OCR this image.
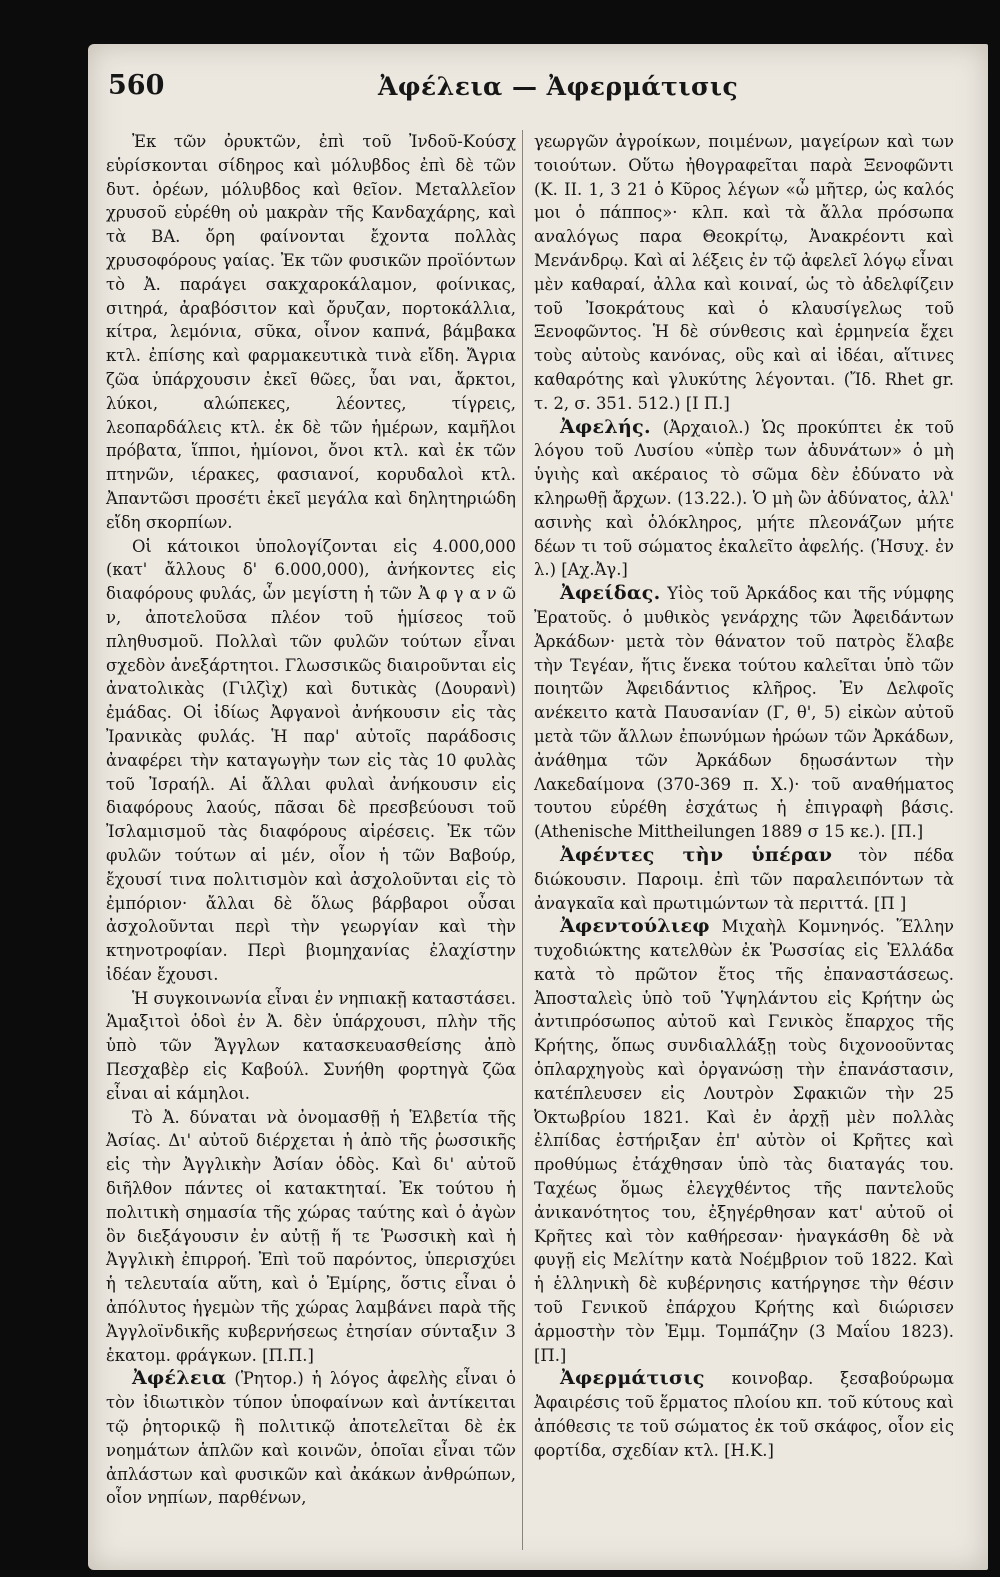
560	Ἀφέλεια — Ἀφερμάτισις

Ἐκ τῶν ὀρυκτῶν, ἐπὶ τοῦ Ἰνδοῦ-Κούσχ εὑρίσκονται σίδηρος καὶ μόλυβδος ἐπὶ δὲ τῶν δυτ. ὀρέων, μόλυβδος καὶ θεῖον. Μεταλλεῖον χρυσοῦ εὑρέθη οὐ μακρὰν τῆς Κανδαχάρης, καὶ τὰ ΒΑ. ὄρη φαίνονται ἔχοντα πολλὰς χρυσοφόρους γαίας. Ἐκ τῶν φυσικῶν προϊόντων τὸ Ἀ. παράγει σακχαροκάλαμον, φοίνικας, σιτηρά, ἀραβόσιτον καὶ ὄρυζαν, πορτοκάλλια, κίτρα, λεμόνια, σῦκα, οἶνον καπνά, βάμβακα κτλ. ἐπίσης καὶ φαρμακευτικὰ τινὰ εἴδη. Ἄγρια ζῶα ὑπάρχουσιν ἐκεῖ θῶες, ὗαι ναι, ἄρκτοι, λύκοι, αλώπεκες, λέοντες, τίγρεις, λεοπαρδάλεις κτλ. ἐκ δὲ τῶν ἡμέρων, καμῆλοι πρόβατα, ἵπποι, ἡμίονοι, ὄνοι κτλ. καὶ ἐκ τῶν πτηνῶν, ιέρακες, φασιανοί, κορυδαλοὶ κτλ. Ἀπαντῶσι προσέτι ἐκεῖ μεγάλα καὶ δηλητηριώδη εἴδη σκορπίων.

Οἱ κάτοικοι ὑπολογίζονται εἰς 4.000,000 (κατ' ἄλλους δ' 6.000,000), ἀνήκοντες εἰς διαφόρους φυλάς, ὧν μεγίστη ἡ τῶν Ἀ φ γ α ν ῶ ν, ἀποτελοῦσα πλέον τοῦ ἡμίσεος τοῦ πληθυσμοῦ. Πολλαὶ τῶν φυλῶν τούτων εἶναι σχεδὸν ἀνεξάρτητοι. Γλωσσικῶς διαιροῦνται εἰς ἀνατολικὰς (Γιλζὶχ) καὶ δυτικὰς (Δουρανὶ) ἐμάδας. Οἱ ἰδίως Ἀφγανοὶ ἀνήκουσιν εἰς τὰς Ἰρανικὰς φυλάς. Ἡ παρ' αὐτοῖς παράδοσις ἀναφέρει τὴν καταγωγὴν των εἰς τὰς 10 φυλὰς τοῦ Ἰσραήλ. Αἱ ἄλλαι φυλαὶ ἀνήκουσιν εἰς διαφόρους λαούς, πᾶσαι δὲ πρεσβεύουσι τοῦ Ἰσλαμισμοῦ τὰς διαφόρους αἱρέσεις. Ἐκ τῶν φυλῶν τούτων αἱ μέν, οἷον ἡ τῶν Βαβούρ, ἔχουσί τινα πολιτισμὸν καὶ ἀσχολοῦνται εἰς τὸ ἐμπόριον· ἄλλαι δὲ ὅλως βάρβαροι οὖσαι ἀσχολοῦνται περὶ τὴν γεωργίαν καὶ τὴν κτηνοτροφίαν. Περὶ βιομηχανίας ἐλαχίστην ἰδέαν ἔχουσι.

Ἡ συγκοινωνία εἶναι ἐν νηπιακῇ καταστάσει. Ἁμαξιτοὶ ὁδοὶ ἐν Ἀ. δὲν ὑπάρχουσι, πλὴν τῆς ὑπὸ τῶν Ἄγγλων κατασκευασθείσης ἀπὸ Πεσχαβὲρ εἰς Καβούλ. Συνήθη φορτηγὰ ζῶα εἶναι αἱ κάμηλοι.

Τὸ Ἀ. δύναται νὰ ὀνομασθῇ ἡ Ἑλβετία τῆς Ἀσίας. Δι' αὐτοῦ διέρχεται ἡ ἀπὸ τῆς ῥωσσικῆς εἰς τὴν Ἀγγλικὴν Ἀσίαν ὁδὸς. Καὶ δι' αὐτοῦ διῆλθον πάντες οἱ κατακτηταί. Ἐκ τούτου ἡ πολιτικὴ σημασία τῆς χώρας ταύτης καὶ ὁ ἀγὼν ὃν διεξάγουσιν ἐν αὐτῇ ἥ τε Ῥωσσικὴ καὶ ἡ Ἀγγλικὴ ἐπιρροή. Ἐπὶ τοῦ παρόντος, ὑπερισχύει ἡ τελευταία αὕτη, καὶ ὁ Ἐμίρης, ὅστις εἶναι ὁ ἀπόλυτος ἡγεμὼν τῆς χώρας λαμβάνει παρὰ τῆς Ἀγγλοϊνδικῆς κυβερνήσεως ἐτησίαν σύνταξιν 3 ἑκατομ. φράγκων. [Π.Π.]

Ἀφέλεια (Ῥητορ.) ἡ λόγος ἀφελὴς εἶναι ὁ τὸν ἰδιωτικὸν τύπον ὑποφαίνων καὶ ἀντίκειται τῷ ῥητορικῷ ἢ πολιτικῷ ἀποτελεῖται δὲ ἐκ νοημάτων ἁπλῶν καὶ κοινῶν, ὁποῖαι εἶναι τῶν ἀπλάστων καὶ φυσικῶν καὶ ἀκάκων ἀνθρώπων, οἷον νηπίων, παρθένων,

γεωργῶν ἀγροίκων, ποιμένων, μαγείρων καὶ των τοιούτων. Οὕτω ἠθογραφεῖται παρὰ Ξενοφῶντι (Κ. ΙΙ. 1, 3 21 ὁ Κῦρος λέγων «ὦ μῆτερ, ὡς καλός μοι ὁ πάππος»· κλπ. καὶ τὰ ἄλλα πρόσωπα αναλόγως παρα Θεοκρίτῳ, Ἀνακρέοντι καὶ Μενάνδρῳ. Καὶ αἱ λέξεις ἐν τῷ ἀφελεῖ λόγῳ εἶναι μὲν καθαραί, ἀλλα καὶ κοιναί, ὡς τὸ ἀδελφίζειν τοῦ Ἰσοκράτους καὶ ὁ κλαυσίγελως τοῦ Ξενοφῶντος. Ἡ δὲ σύνθεσις καὶ ἑρμηνεία ἔχει τοὺς αὐτοὺς κανόνας, οὓς καὶ αἱ ἰδέαι, αἵτινες καθαρότης καὶ γλυκύτης λέγονται. (Ἴδ. Rhet gr. τ. 2, σ. 351. 512.) [Ι Π.]

Ἀφελής. (Ἀρχαιολ.) Ὡς προκύπτει ἐκ τοῦ λόγου τοῦ Λυσίου «ὑπὲρ των ἀδυνάτων» ὁ μὴ ὑγιὴς καὶ ακέραιος τὸ σῶμα δὲν ἐδύνατο νὰ κληρωθῇ ἄρχων. (13.22.). Ὁ μὴ ὢν ἀδύνατος, ἀλλ' ασινὴς καὶ ὁλόκληρος, μήτε πλεονάζων μήτε δέων τι τοῦ σώματος ἐκαλεῖτο ἀφελής. (Ἡσυχ. ἐν λ.) [Αχ.Ἀγ.]

Ἀφείδας. Υἱὸς τοῦ Ἀρκάδος και τῆς νύμφης Ἐρατοῦς. ὁ μυθικὸς γενάρχης τῶν Ἀφειδάντων Ἀρκάδων· μετὰ τὸν θάνατον τοῦ πατρὸς ἔλαβε τὴν Τεγέαν, ἥτις ἕνεκα τούτου καλεῖται ὑπὸ τῶν ποιητῶν Ἀφειδάντιος κλῆρος. Ἐν Δελφοῖς ανέκειτο κατὰ Παυσανίαν (Γ, θ', 5) εἰκὼν αὐτοῦ μετὰ τῶν ἄλλων ἐπωνύμων ἡρώων τῶν Ἀρκάδων, ἀνάθημα τῶν Ἀρκάδων δῃωσάντων τὴν Λακεδαίμονα (370-369 π. Χ.)· τοῦ αναθήματος τουτου εὑρέθη ἐσχάτως ἡ ἐπιγραφὴ βάσις. (Athenische Mittheilungen 1889 σ 15 κε.). [Π.]

Ἀφέντες τὴν ὑπέραν τὸν πέδα διώκουσιν. Παροιμ. ἐπὶ τῶν παραλειπόντων τὰ ἀναγκαῖα καὶ πρωτιμώντων τὰ περιττά. [Π ]

Ἀφεντούλιεφ Μιχαὴλ Κομνηνός. Ἕλλην τυχοδιώκτης κατελθὼν ἐκ Ῥωσσίας εἰς Ἑλλάδα κατὰ τὸ πρῶτον ἔτος τῆς ἐπαναστάσεως. Ἀποσταλεὶς ὑπὸ τοῦ Ὑψηλάντου εἰς Κρήτην ὡς ἀντιπρόσωπος αὐτοῦ καὶ Γενικὸς ἔπαρχος τῆς Κρήτης, ὅπως συνδιαλλάξῃ τοὺς διχονοοῦντας ὁπλαρχηγοὺς καὶ ὀργανώσῃ τὴν ἐπανάστασιν, κατέπλευσεν εἰς Λουτρὸν Σφακιῶν τὴν 25 Ὀκτωβρίου 1821. Καὶ ἐν ἀρχῇ μὲν πολλὰς ἐλπίδας ἐστήριξαν ἐπ' αὐτὸν οἱ Κρῆτες καὶ προθύμως ἐτάχθησαν ὑπὸ τὰς διαταγάς του. Ταχέως ὅμως ἐλεγχθέντος τῆς παντελοῦς ἀνικανότητος του, ἐξηγέρθησαν κατ' αὐτοῦ οἱ Κρῆτες καὶ τὸν καθήρεσαν· ἠναγκάσθη δὲ νὰ φυγῇ εἰς Μελίτην κατὰ Νοέμβριον τοῦ 1822. Καὶ ἡ ἑλληνικὴ δὲ κυβέρνησις κατήργησε τὴν θέσιν τοῦ Γενικοῦ ἐπάρχου Κρήτης καὶ διώρισεν ἁρμοστὴν τὸν Ἐμμ. Τομπάζην (3 Μαΐου 1823). [Π.]

Ἀφερμάτισις κοινοβαρ. ξεσαβούρωμα Ἀφαιρέσις τοῦ ἕρματος πλοίου κπ. τοῦ κύτους καὶ ἀπόθεσις τε τοῦ σώματος ἐκ τοῦ σκάφος, οἷον εἰς φορτίδα, σχεδίαν κτλ. [Η.Κ.]
